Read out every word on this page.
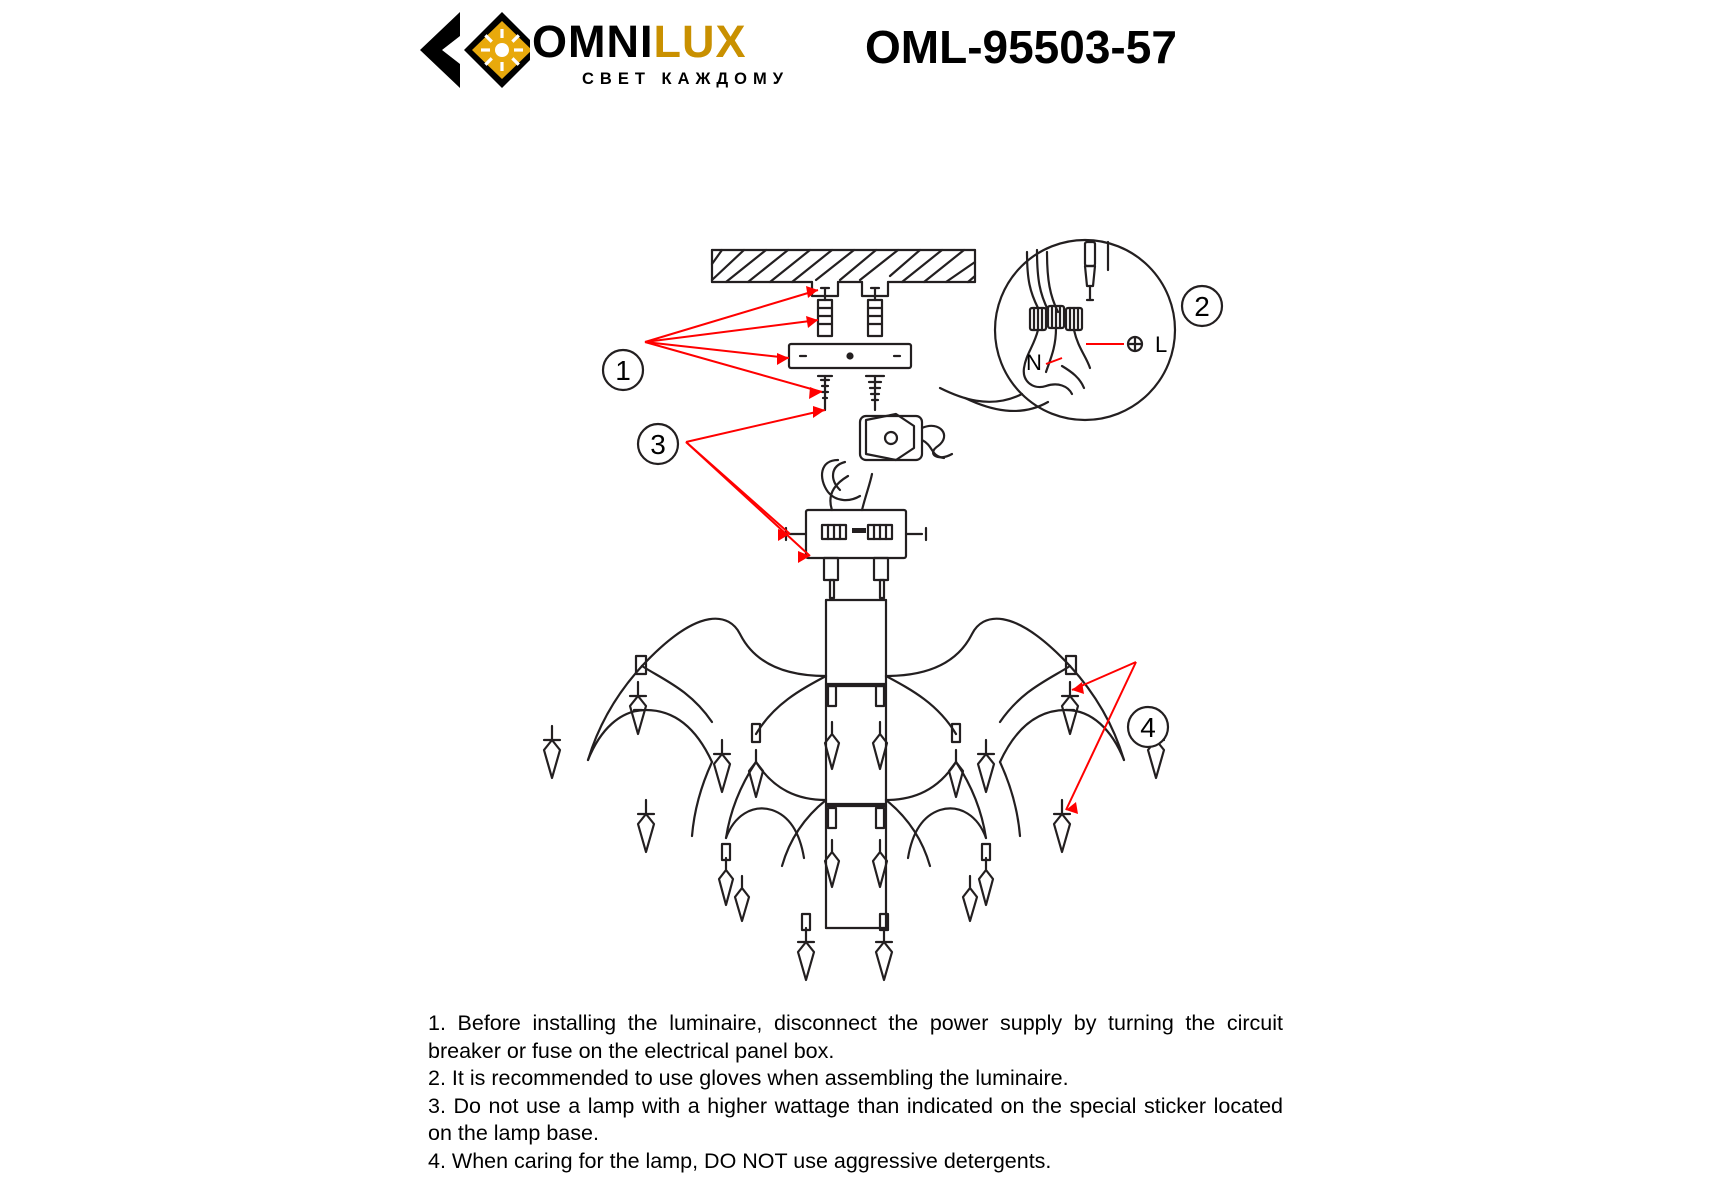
OMNILUX
СВЕТ КАЖДОМУ
OML-95503-57
1
2
3
4
L
N

1. Before installing the luminaire, disconnect the power supply by turning the circuit breaker or fuse on the electrical panel box.

2. It is recommended to use gloves when assembling the luminaire.

3. Do not use a lamp with a higher wattage than indicated on the special sticker located on the lamp base.

4. When caring for the lamp, DO NOT use aggressive detergents.
